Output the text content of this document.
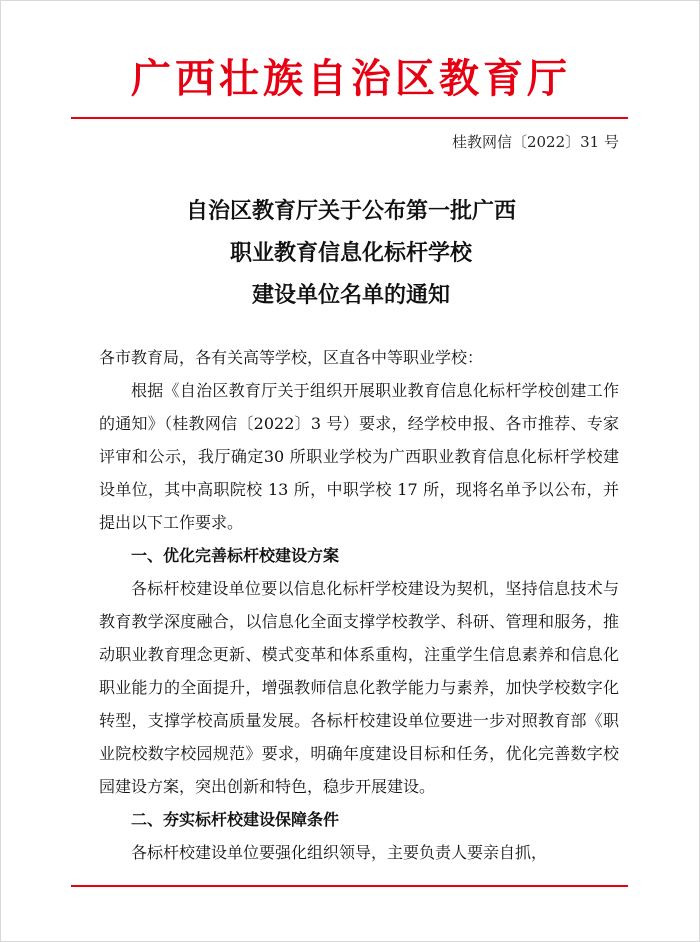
广西壮族自治区教育厅
桂教网信〔2022〕31 号
自治区教育厅关于公布第一批广西
职业教育信息化标杆学校
建设单位名单的通知

各市教育局，各有关高等学校，区直各中等职业学校：

根据《自治区教育厅关于组织开展职业教育信息化标杆学校创建工作的通知》（桂教网信〔2022〕3 号）要求，经学校申报、各市推荐、专家评审和公示，我厅确定30 所职业学校为广西职业教育信息化标杆学校建设单位，其中高职院校 13 所，中职学校 17 所，现将名单予以公布，并提出以下工作要求。

一、优化完善标杆校建设方案

各标杆校建设单位要以信息化标杆学校建设为契机，坚持信息技术与教育教学深度融合，以信息化全面支撑学校教学、科研、管理和服务，推动职业教育理念更新、模式变革和体系重构，注重学生信息素养和信息化职业能力的全面提升，增强教师信息化教学能力与素养，加快学校数字化转型，支撑学校高质量发展。各标杆校建设单位要进一步对照教育部《职业院校数字校园规范》要求，明确年度建设目标和任务，优化完善数字校园建设方案，突出创新和特色，稳步开展建设。

二、夯实标杆校建设保障条件

各标杆校建设单位要强化组织领导，主要负责人要亲自抓，
